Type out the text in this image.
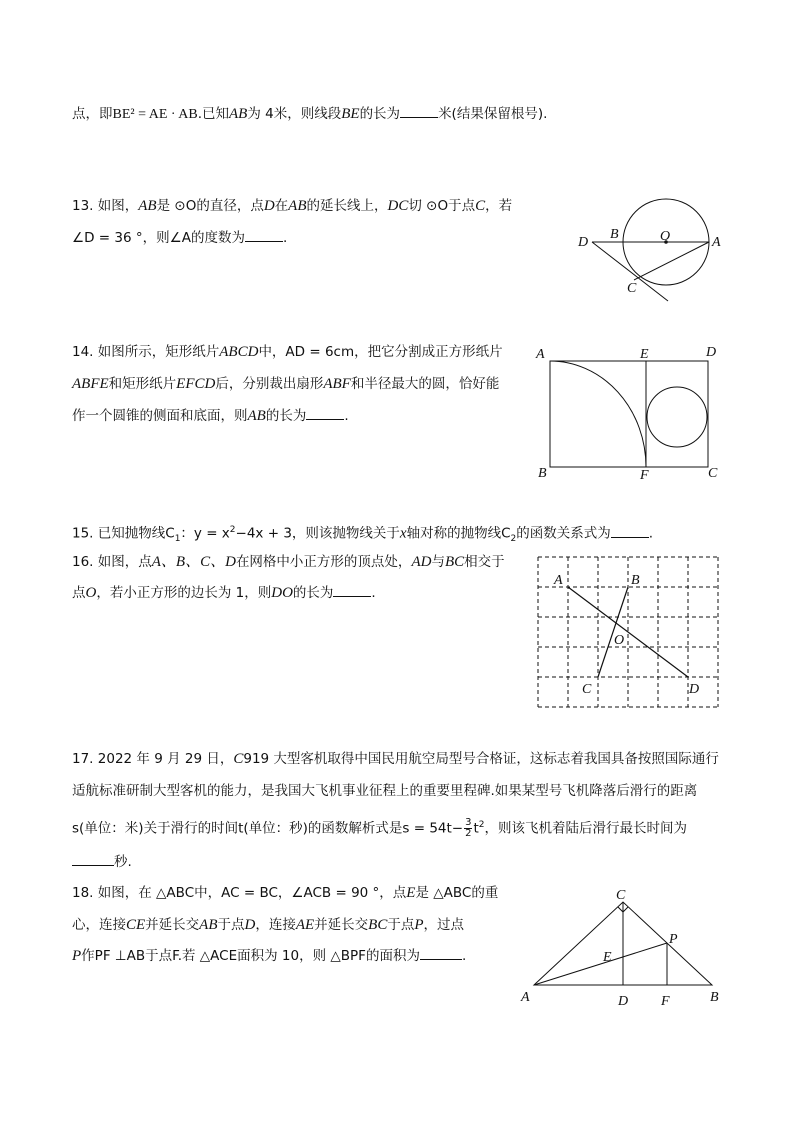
点，即BE² = AE · AB.已知AB为 4米，则线段BE的长为	米(结果保留根号).
13. 如图，AB是 ⊙O的直径，点D在AB的延长线上，DC切 ⊙O于点C，若
∠D = 36 °，则∠A的度数为	.	D
B	O	A
C
14. 如图所示，矩形纸片ABCD中，AD = 6cm，把它分割成正方形纸片
ABFE和矩形纸片EFCD后，分别裁出扇形ABF和半径最大的圆，恰好能
作一个圆锥的侧面和底面，则AB的长为	.
A	E	D
B	F	C
15. 已知抛物线$C_1$：$y = x^2-4x + 3$，则该抛物线关于x轴对称的抛物线$C_2$的函数关系式为	.
16. 如图，点A、B、C、D在网格中小正方形的顶点处，AD与BC相交于
点O，若小正方形的边长为 1，则DO的长为	.
A	B
O
C	D
17. 2022 年 9 月 29 日，C919 大型客机取得中国民用航空局型号合格证，这标志着我国具备按照国际通行
适航标准研制大型客机的能力，是我国大飞机事业征程上的重要里程碑.如果某型号飞机降落后滑行的距离
s(单位：米)关于滑行的时间t(单位：秒)的函数解析式是$s = 54t- \frac{3}{2} t^2$，则该飞机着陆后滑行最长时间为
秒.
18. 如图，在 △ABC中，AC = BC，∠ACB = 90 °，点E是 △ABC的重
心，连接CE并延长交AB于点D，连接AE并延长交BC于点P，过点
P作PF ⊥AB于点F.若 △ACE面积为 10，则 △BPF的面积为	.
C
P
E
A	D F	B
